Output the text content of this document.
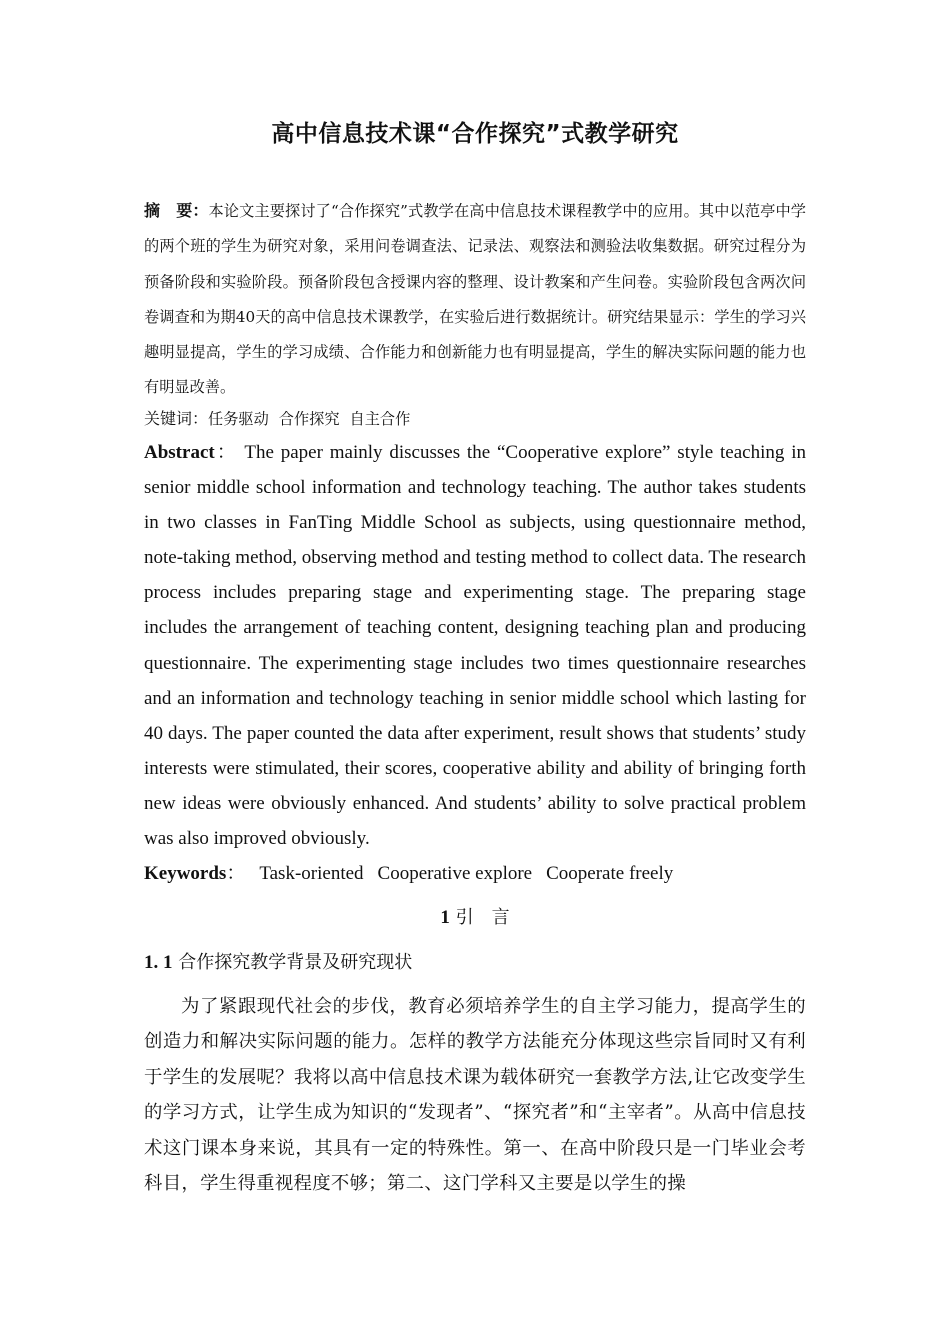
高中信息技术课“合作探究”式教学研究
摘　要：本论文主要探讨了“合作探究”式教学在高中信息技术课程教学中的应用。其中以范亭中学的两个班的学生为研究对象，采用问卷调查法、记录法、观察法和测验法收集数据。研究过程分为预备阶段和实验阶段。预备阶段包含授课内容的整理、设计教案和产生问卷。实验阶段包含两次问卷调查和为期40天的高中信息技术课教学，在实验后进行数据统计。研究结果显示：学生的学习兴趣明显提高，学生的学习成绩、合作能力和创新能力也有明显提高，学生的解决实际问题的能力也有明显改善。
关键词：任务驱动 合作探究 自主合作
Abstract： The paper mainly discusses the “Cooperative explore” style teaching in senior middle school information and technology teaching. The author takes students in two classes in FanTing Middle School as subjects, using questionnaire method, note-taking method, observing method and testing method to collect data. The research process includes preparing stage and experimenting stage. The preparing stage includes the arrangement of teaching content, designing teaching plan and producing questionnaire. The experimenting stage includes two times questionnaire researches and an information and technology teaching in senior middle school which lasting for 40 days. The paper counted the data after experiment, result shows that students’ study interests were stimulated, their scores, cooperative ability and ability of bringing forth new ideas were obviously enhanced. And students’ ability to solve practical problem was also improved obviously.
Keywords： Task-oriented Cooperative explore Cooperate freely
1 引　言
1. 1 合作探究教学背景及研究现状
为了紧跟现代社会的步伐，教育必须培养学生的自主学习能力，提高学生的创造力和解决实际问题的能力。怎样的教学方法能充分体现这些宗旨同时又有利于学生的发展呢？我将以高中信息技术课为载体研究一套教学方法,让它改变学生的学习方式，让学生成为知识的“发现者”、“探究者”和“主宰者”。从高中信息技术这门课本身来说，其具有一定的特殊性。第一、在高中阶段只是一门毕业会考科目，学生得重视程度不够；第二、这门学科又主要是以学生的操
